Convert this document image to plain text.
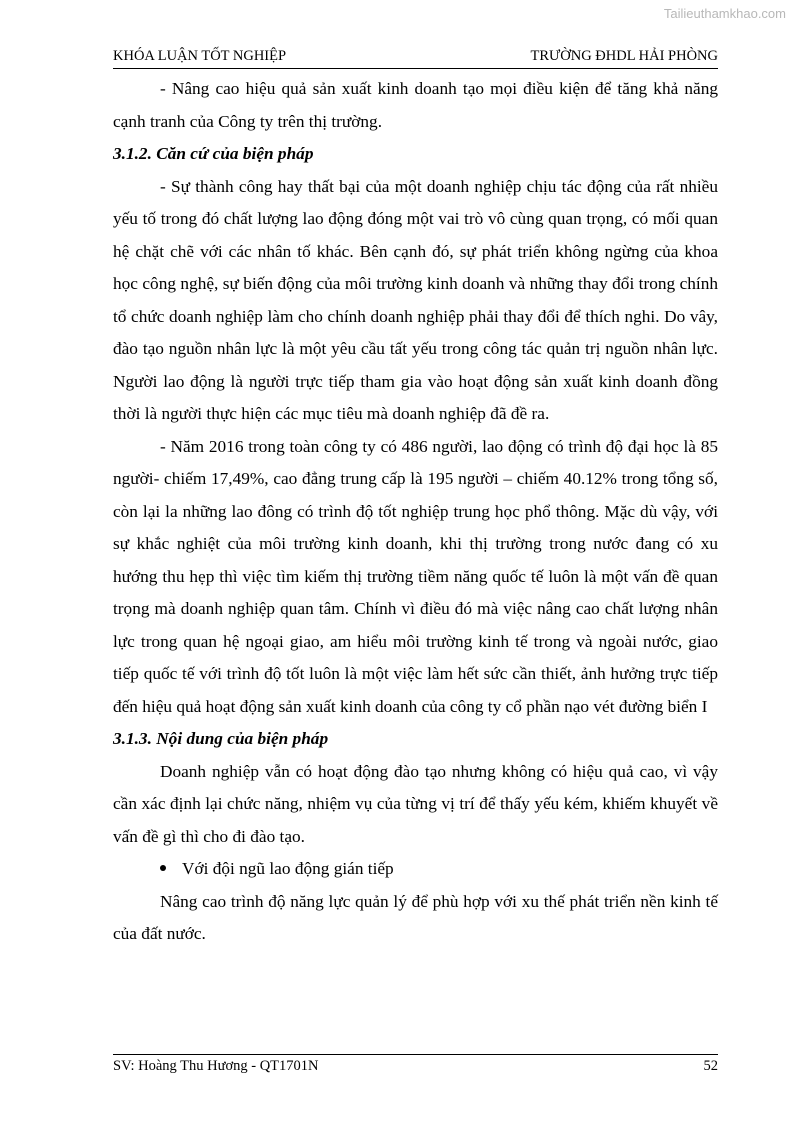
Tailieuthamkhao.com
KHÓA LUẬN TỐT NGHIỆP	TRƯỜNG ĐHDL HẢI PHÒNG

- Nâng cao hiệu quả sản xuất kinh doanh tạo mọi điều kiện để tăng khả năng cạnh tranh của Công ty trên thị trường.

3.1.2. Căn cứ của biện pháp

- Sự thành công hay thất bại của một doanh nghiệp chịu tác động của rất nhiều yếu tố trong đó chất lượng lao động đóng một vai trò vô cùng quan trọng, có mối quan hệ chặt chẽ với các nhân tố khác. Bên cạnh đó, sự phát triển không ngừng của khoa học công nghệ, sự biến động của môi trường kinh doanh và những thay đổi trong chính tổ chức doanh nghiệp làm cho chính doanh nghiệp phải thay đổi để thích nghi. Do vây, đào tạo nguồn nhân lực là một yêu cầu tất yếu trong công tác quản trị nguồn nhân lực. Người lao động là người trực tiếp tham gia vào hoạt động sản xuất kinh doanh đồng thời là người thực hiện các mục tiêu mà doanh nghiệp đã đề ra.

- Năm 2016 trong toàn công ty có 486 người, lao động có trình độ đại học là 85 người- chiếm 17,49%, cao đẳng trung cấp là 195 người – chiếm 40.12% trong tổng số, còn lại la những lao đông có trình độ tốt nghiệp trung học phổ thông. Mặc dù vậy, với sự khắc nghiệt của môi trường kinh doanh, khi thị trường trong nước đang có xu hướng thu hẹp thì việc tìm kiếm thị trường tiềm năng quốc tế luôn là một vấn đề quan trọng mà doanh nghiệp quan tâm. Chính vì điều đó mà việc nâng cao chất lượng nhân lực trong quan hệ ngoại giao, am hiểu môi trường kinh tế trong và ngoài nước, giao tiếp quốc tế với trình độ tốt luôn là một việc làm hết sức cần thiết, ảnh hưởng trực tiếp đến hiệu quả hoạt động sản xuất kinh doanh của công ty cổ phần nạo vét đường biển I

3.1.3. Nội dung của biện pháp

Doanh nghiệp vẫn có hoạt động đào tạo nhưng không có hiệu quả cao, vì vậy cần xác định lại chức năng, nhiệm vụ của từng vị trí để thấy yếu kém, khiếm khuyết về vấn đề gì thì cho đi đào tạo.

Với đội ngũ lao động gián tiếp

Nâng cao trình độ năng lực quản lý để phù hợp với xu thế phát triển nền kinh tế của đất nước.

SV: Hoàng Thu Hương - QT1701N	52
